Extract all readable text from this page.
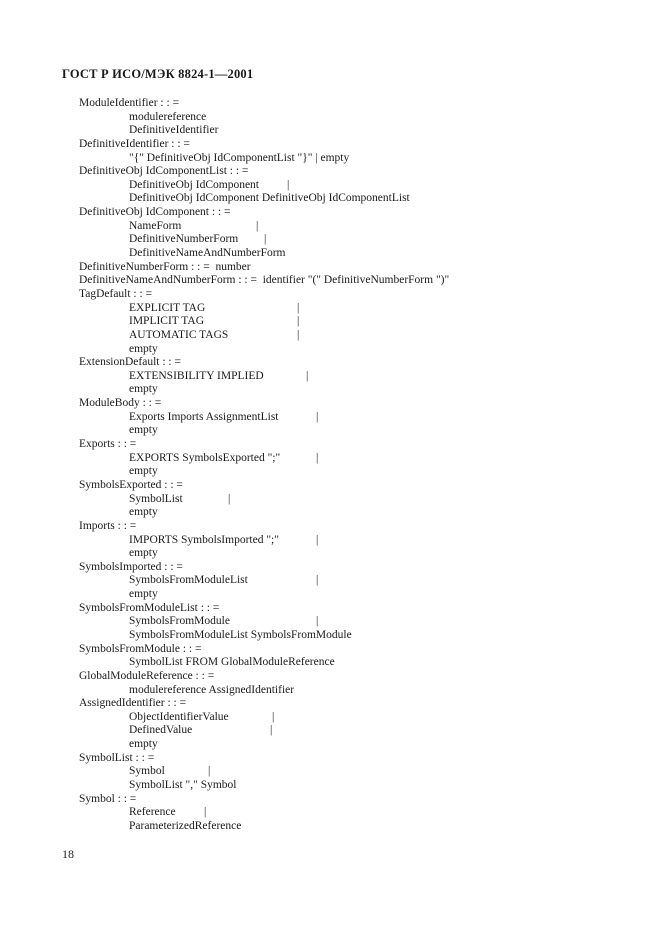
ГОСТ Р ИСО/МЭК 8824-1—2001
ModuleIdentifier : : =
modulereference
DefinitiveIdentifier
DefinitiveIdentifier : : =
"{" DefinitiveObj IdComponentList "}" | empty
DefinitiveObj IdComponentList : : =
DefinitiveObj IdComponent |
DefinitiveObj IdComponent DefinitiveObj IdComponentList
DefinitiveObj IdComponent : : =
NameForm	|
DefinitiveNumberForm |
DefinitiveNameAndNumberForm
DefinitiveNumberForm : : =  number
DefinitiveNameAndNumberForm : : =  identifier "(" DefinitiveNumberForm ")"
TagDefault : : =
EXPLICIT TAG	|
IMPLICIT TAG	|
AUTOMATIC TAGS	|
empty
ExtensionDefault : : =
EXTENSIBILITY IMPLIED	|
empty
ModuleBody : : =
Exports Imports AssignmentList	|
empty
Exports : : =
EXPORTS SymbolsExported ";"	|
empty
SymbolsExported : : =
SymbolList	|
empty
Imports : : =
IMPORTS SymbolsImported ";"	|
empty
SymbolsImported : : =
SymbolsFromModuleList	|
empty
SymbolsFromModuleList : : =
SymbolsFromModule	|
SymbolsFromModuleList SymbolsFromModule
SymbolsFromModule : : =
SymbolList FROM GlobalModuleReference
GlobalModuleReference : : =
modulereference AssignedIdentifier
AssignedIdentifier : : =
ObjectIdentifierValue	|
DefinedValue	|
empty
SymbolList : : =
Symbol	|
SymbolList "," Symbol
Symbol : : =
Reference |
ParameterizedReference
18
